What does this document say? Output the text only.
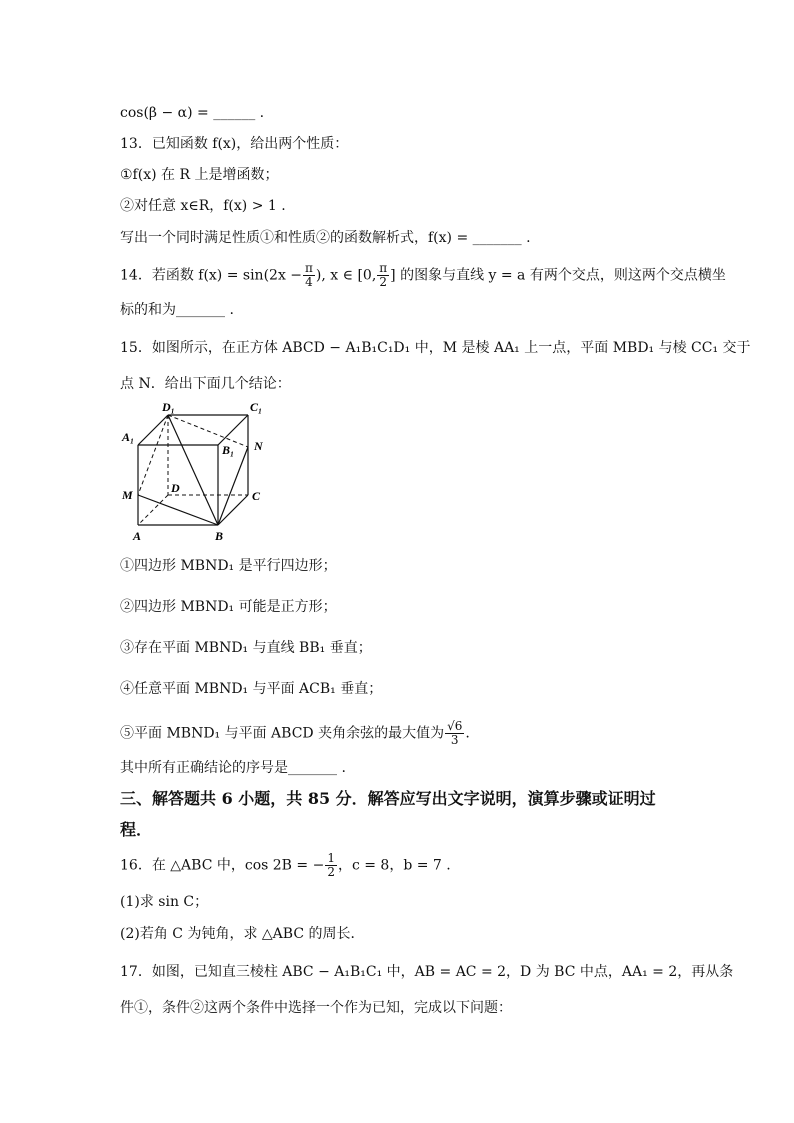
cos(β − α) = ______ .
13．已知函数 f(x)，给出两个性质：
①f(x) 在 R 上是增函数；
②对任意 x∈R，f(x) > 1 .
写出一个同时满足性质①和性质②的函数解析式，f(x) = _______ .
14．若函数 $f(x) = \sin(2x - \frac{\pi}{4}$ ), x ∈ [0, $\frac{\pi}{2}$ ] 的图象与直线 y = a 有两个交点，则这两个交点横坐
标的和为_______ .
15．如图所示，在正方体 ABCD − A₁B₁C₁D₁ 中，M 是棱 AA₁ 上一点，平面 MBD₁ 与棱 CC₁ 交于
点 N．给出下面几个结论：
D₁	C₁
A₁
B₁ N
M	D
C
A	B
①四边形 MBND₁ 是平行四边形；
②四边形 MBND₁ 可能是正方形；
③存在平面 MBND₁ 与直线 BB₁ 垂直；
④任意平面 MBND₁ 与平面 ACB₁ 垂直；
⑤平面 MBND₁ 与平面 ABCD 夹角余弦的最大值为 $\frac{√6}{3}$ .
其中所有正确结论的序号是_______ .
三、解答题共 6 小题，共 85 分．解答应写出文字说明，演算步骤或证明过
程．
16．在 △ABC 中，cos 2B = − $\frac{1}{2}$ ，c = 8，b = 7 .
(1)求 sin C；
(2)若角 C 为钝角，求 △ABC 的周长．
17．如图，已知直三棱柱 ABC − A₁B₁C₁ 中，AB = AC = 2，D 为 BC 中点，AA₁ = 2，再从条
件①，条件②这两个条件中选择一个作为已知，完成以下问题：
